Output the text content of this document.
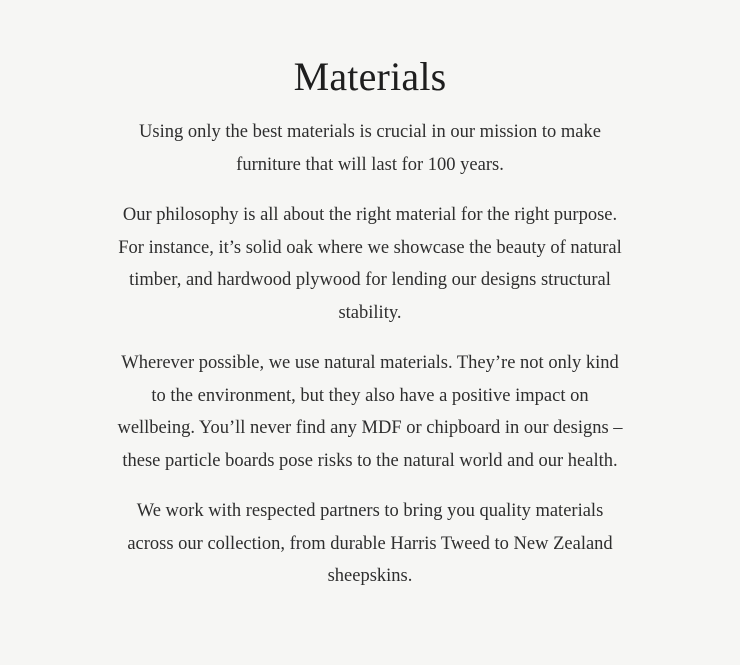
Materials

Using only the best materials is crucial in our mission to make furniture that will last for 100 years.

Our philosophy is all about the right material for the right purpose. For instance, it’s solid oak where we showcase the beauty of natural timber, and hardwood plywood for lending our designs structural stability.

Wherever possible, we use natural materials. They’re not only kind to the environment, but they also have a positive impact on wellbeing. You’ll never find any MDF or chipboard in our designs – these particle boards pose risks to the natural world and our health.

We work with respected partners to bring you quality materials across our collection, from durable Harris Tweed to New Zealand sheepskins.
